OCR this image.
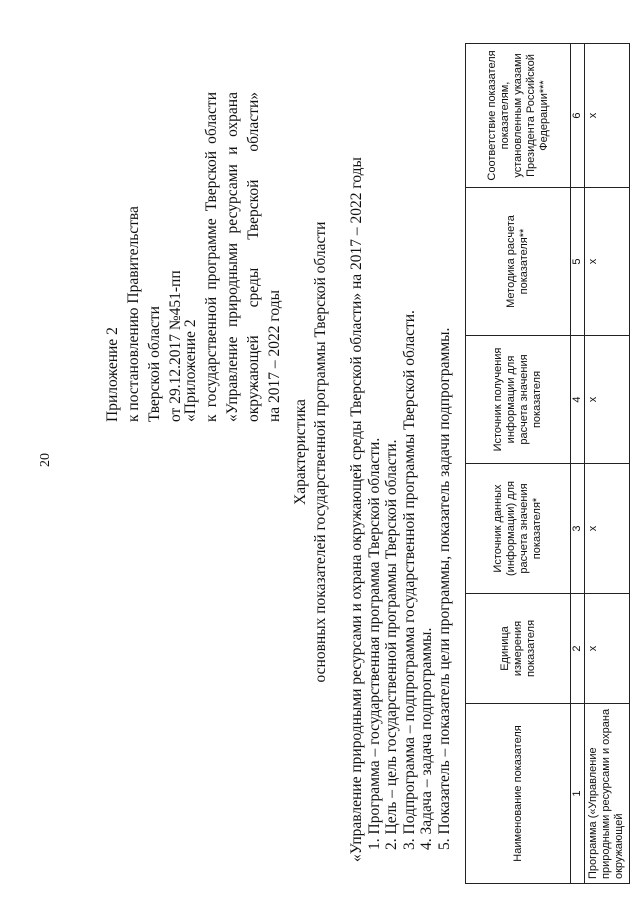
20
Приложение 2 к постановлению Правительства Тверской области от 29.12.2017 №451-пп
«Приложение 2 к государственной программе Тверской области «Управление природными ресурсами и охрана окружающей среды Тверской области» на 2017 – 2022 годы
Характеристика основных показателей государственной программы Тверской области «Управление природными ресурсами и охрана окружающей среды Тверской области» на 2017 – 2022 годы 1. Программа – государственная программа Тверской области. 2. Цель – цель государственной программы Тверской области. 3. Подпрограмма – подпрограмма государственной программы Тверской области. 4. Задача – задача подпрограммы. 5. Показатель – показатель цели программы, показатель задачи подпрограммы.	Наименование показателя	Единица измерения показателя	Источник данных (информации) для расчета значения показателя*	Источник получения информации для расчета значения показателя	Методика расчета показателя**	Соответствие показателя показателям, установленным указами Президента Российской Федерации***
1	2	3	4	5	6
Программа («Управление природными ресурсами и охрана окружающей	x	x	x	x	x
